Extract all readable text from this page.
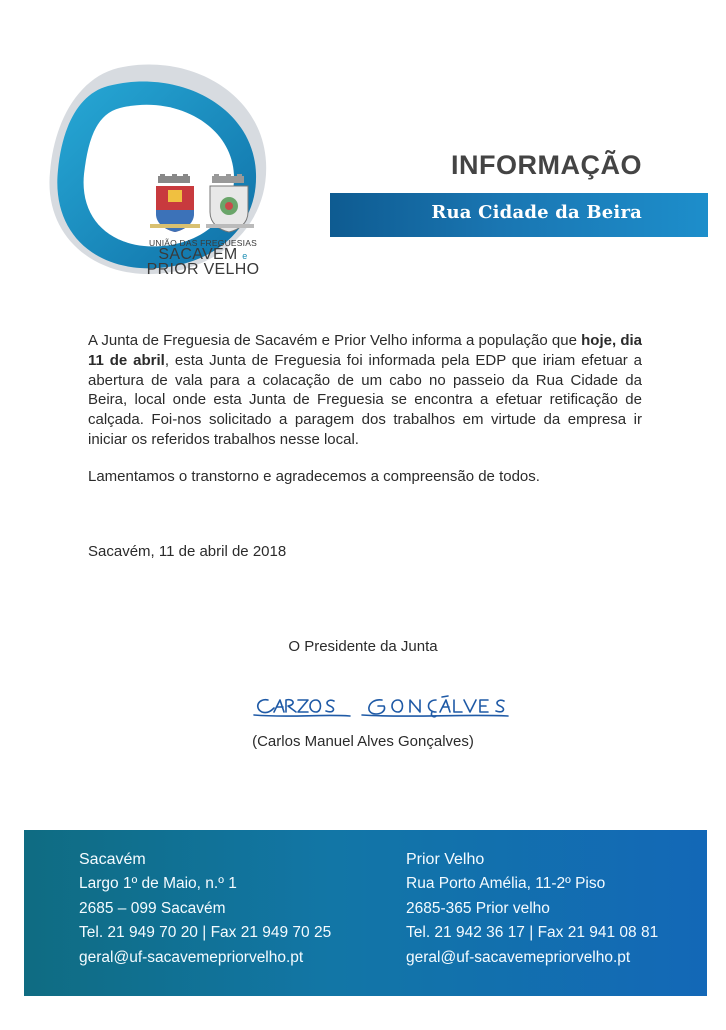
UNIÃO DAS FREGUESIAS
SACAVÉM e
PRIOR VELHO
INFORMAÇÃO
Rua Cidade da Beira

A Junta de Freguesia de Sacavém e Prior Velho informa a população que hoje, dia 11 de abril, esta Junta de Freguesia foi informada pela EDP que iriam efetuar a abertura de vala para a colacação de um cabo no passeio da Rua Cidade da Beira, local onde esta Junta de Freguesia se encontra a efetuar retificação de calçada. Foi-nos solicitado a paragem dos trabalhos em virtude da empresa ir iniciar os referidos trabalhos nesse local.

Lamentamos o transtorno e agradecemos a compreensão de todos.
Sacavém, 11 de abril de 2018
O Presidente da Junta
(Carlos Manuel Alves Gonçalves)
Sacavém
Largo 1º de Maio, n.º 1
2685 – 099 Sacavém
Tel. 21 949 70 20 | Fax 21 949 70 25
geral@uf-sacavemepriorvelho.pt
Prior Velho
Rua Porto Amélia, 11-2º Piso
2685-365 Prior velho
Tel. 21 942 36 17 | Fax 21 941 08 81
geral@uf-sacavemepriorvelho.pt
